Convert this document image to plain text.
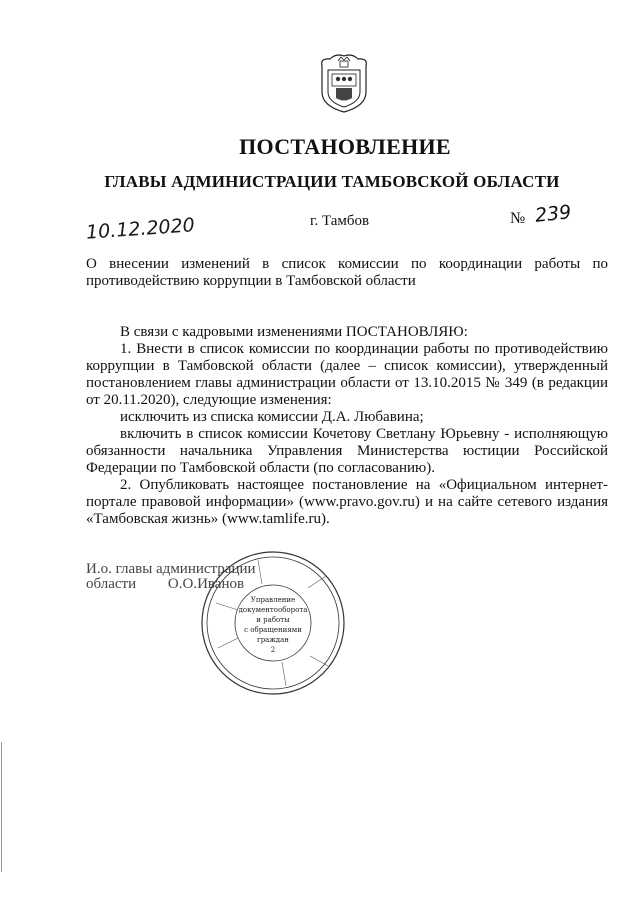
ПОСТАНОВЛЕНИЕ
ГЛАВЫ АДМИНИСТРАЦИИ ТАМБОВСКОЙ ОБЛАСТИ
10.12.2020	г. Тамбов	№ 239
О внесении изменений в список комиссии по координации работы по противодействию коррупции в Тамбовской области

В связи с кадровыми изменениями ПОСТАНОВЛЯЮ:

1. Внести в список комиссии по координации работы по противодействию коррупции в Тамбовской области (далее – список комиссии), утвержденный постановлением главы администрации области от 13.10.2015 № 349 (в редакции от 20.11.2020), следующие изменения:

исключить из списка комиссии Д.А. Любавина;

включить в список комиссии Кочетову Светлану Юрьевну - исполняющую обязанности начальника Управления Министерства юстиции Российской Федерации по Тамбовской области (по согласованию).

2. Опубликовать настоящее постановление на «Официальном интернет-портале правовой информации» (www.pravo.gov.ru) и на сайте сетевого издания «Тамбовская жизнь» (www.tamlife.ru).

И.о. главы администрации
области О.О.Иванов
Управление
документооборота
и работы
с обращениями
граждан
2
